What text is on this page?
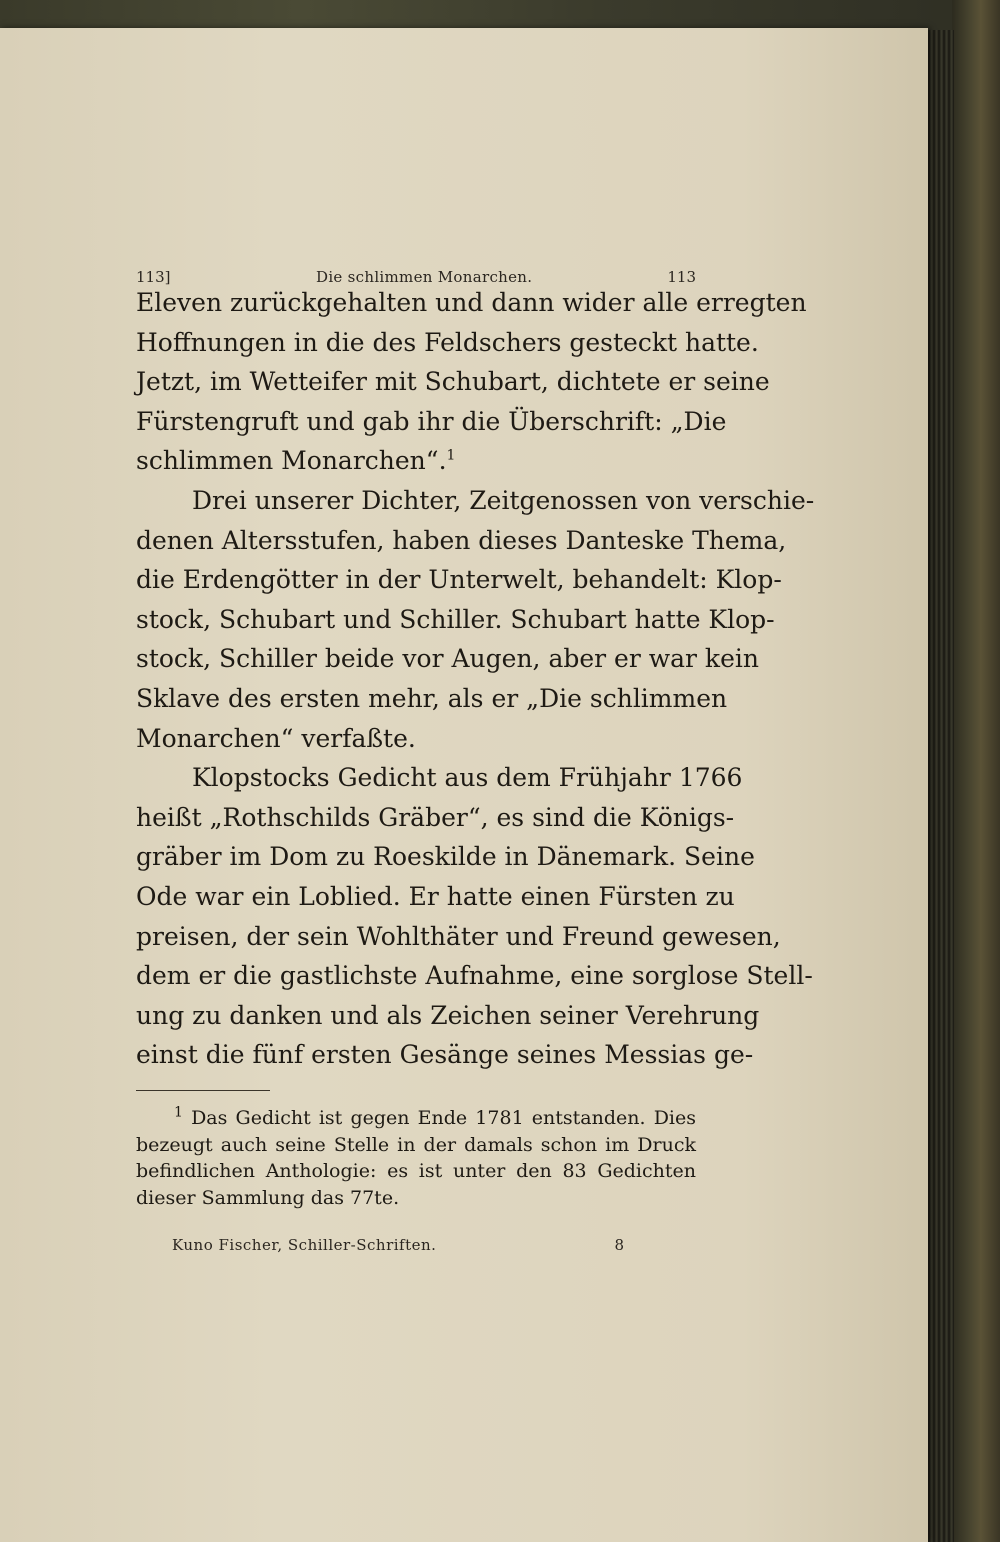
113]	Die schlimmen Monarchen.	113
Eleven zurückgehalten und dann wider alle erregten
Hoffnungen in die des Feldschers gesteckt hatte.
Jetzt, im Wetteifer mit Schubart, dichtete er seine
Fürstengruft und gab ihr die Überschrift: „Die
schlimmen Monarchen“.$^1$
Drei unserer Dichter, Zeitgenossen von verschie-
denen Altersstufen, haben dieses Danteske Thema,
die Erdengötter in der Unterwelt, behandelt: Klop-
stock, Schubart und Schiller. Schubart hatte Klop-
stock, Schiller beide vor Augen, aber er war kein
Sklave des ersten mehr, als er „Die schlimmen
Monarchen“ verfaßte.
Klopstocks Gedicht aus dem Frühjahr 1766
heißt „Rothschilds Gräber“, es sind die Königs-
gräber im Dom zu Roeskilde in Dänemark. Seine
Ode war ein Loblied. Er hatte einen Fürsten zu
preisen, der sein Wohlthäter und Freund gewesen,
dem er die gastlichste Aufnahme, eine sorglose Stell-
ung zu danken und als Zeichen seiner Verehrung
einst die fünf ersten Gesänge seines Messias ge-
$^1$ Das Gedicht ist gegen Ende 1781 entstanden. Dies
bezeugt auch seine Stelle in der damals schon im Druck
befindlichen Anthologie: es ist unter den 83 Gedichten
dieser Sammlung das 77te.
Kuno Fischer, Schiller-Schriften.	8
